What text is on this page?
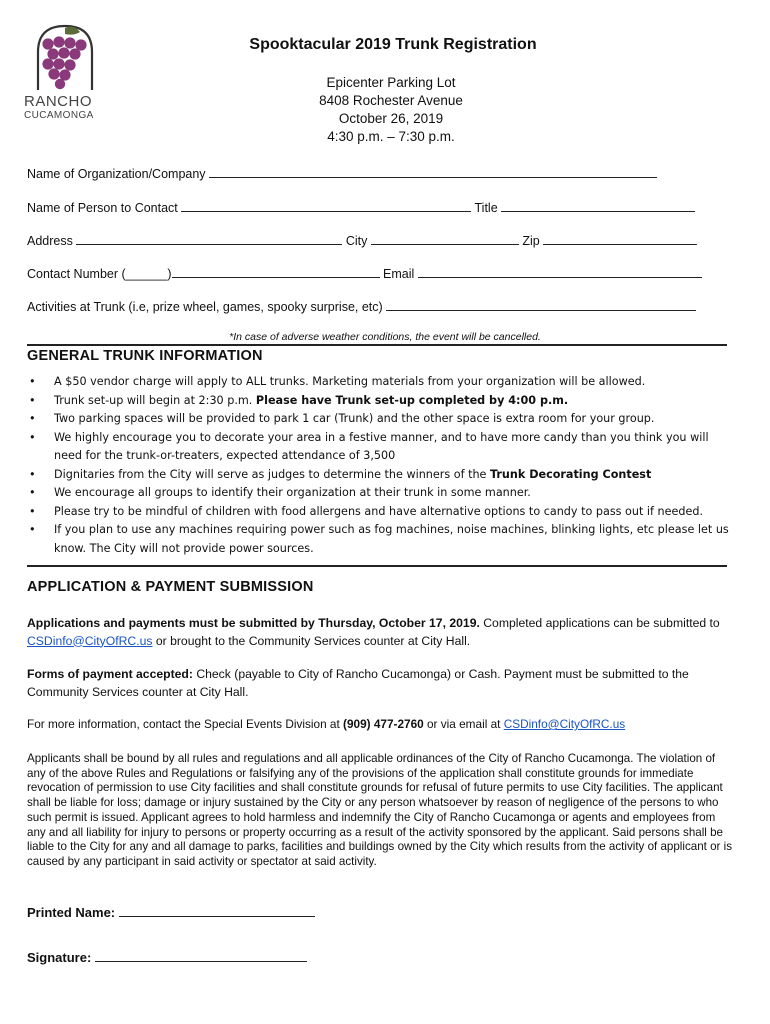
RANCHO
CUCAMONGA
Spooktacular 2019 Trunk Registration
Epicenter Parking Lot
8408 Rochester Avenue
October 26, 2019
4:30 p.m. – 7:30 p.m.
Name of Organization/Company
Name of Person to Contact	Title
Address	City	Zip
Contact Number (______)	Email
Activities at Trunk (i.e, prize wheel, games, spooky surprise, etc)
*In case of adverse weather conditions, the event will be cancelled.
GENERAL TRUNK INFORMATION
• A $50 vendor charge will apply to ALL trunks. Marketing materials from your organization will be allowed.
• Trunk set-up will begin at 2:30 p.m. Please have Trunk set-up completed by 4:00 p.m.
• Two parking spaces will be provided to park 1 car (Trunk) and the other space is extra room for your group.
• We highly encourage you to decorate your area in a festive manner, and to have more candy than you think you will need for the trunk-or-treaters, expected attendance of 3,500
• Dignitaries from the City will serve as judges to determine the winners of the Trunk Decorating Contest
• We encourage all groups to identify their organization at their trunk in some manner.
• Please try to be mindful of children with food allergens and have alternative options to candy to pass out if needed.
• If you plan to use any machines requiring power such as fog machines, noise machines, blinking lights, etc please let us know. The City will not provide power sources.
APPLICATION & PAYMENT SUBMISSION
Applications and payments must be submitted by Thursday, October 17, 2019. Completed applications can be submitted to CSDinfo@CityOfRC.us or brought to the Community Services counter at City Hall.
Forms of payment accepted: Check (payable to City of Rancho Cucamonga) or Cash. Payment must be submitted to the Community Services counter at City Hall.
For more information, contact the Special Events Division at (909) 477-2760 or via email at CSDinfo@CityOfRC.us
Applicants shall be bound by all rules and regulations and all applicable ordinances of the City of Rancho Cucamonga. The violation of any of the above Rules and Regulations or falsifying any of the provisions of the application shall constitute grounds for immediate revocation of permission to use City facilities and shall constitute grounds for refusal of future permits to use City facilities. The applicant shall be liable for loss; damage or injury sustained by the City or any person whatsoever by reason of negligence of the persons to who such permit is issued. Applicant agrees to hold harmless and indemnify the City of Rancho Cucamonga or agents and employees from any and all liability for injury to persons or property occurring as a result of the activity sponsored by the applicant. Said persons shall be liable to the City for any and all damage to parks, facilities and buildings owned by the City which results from the activity of applicant or is caused by any participant in said activity or spectator at said activity.
Printed Name:
Signature:
